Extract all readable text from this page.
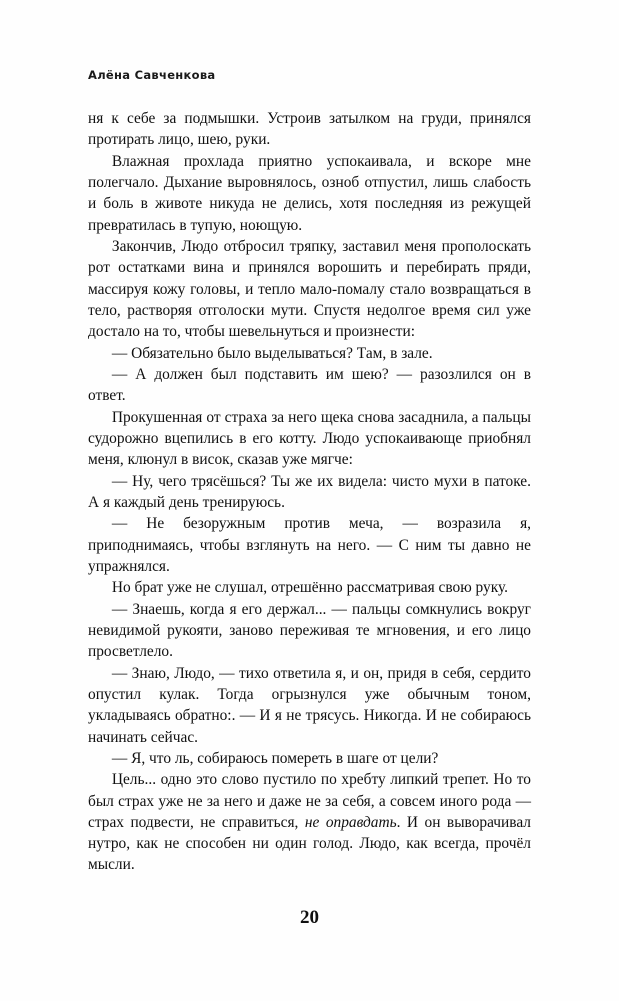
Алёна Савченкова

ня к себе за подмышки. Устроив затылком на груди, принялся протирать лицо, шею, руки.

Влажная прохлада приятно успокаивала, и вскоре мне полегчало. Дыхание выровнялось, озноб отпустил, лишь слабость и боль в животе никуда не делись, хотя последняя из режущей превратилась в тупую, ноющую.

Закончив, Людо отбросил тряпку, заставил меня прополоскать рот остатками вина и принялся ворошить и перебирать пряди, массируя кожу головы, и тепло мало-помалу стало возвращаться в тело, растворяя отголоски мути. Спустя недолгое время сил уже достало на то, чтобы шевельнуться и произнести:

— Обязательно было выделываться? Там, в зале.

— А должен был подставить им шею? — разозлился он в ответ.

Прокушенная от страха за него щека снова засаднила, а пальцы судорожно вцепились в его котту. Людо успокаивающе приобнял меня, клюнул в висок, сказав уже мягче:

— Ну, чего трясёшься? Ты же их видела: чисто мухи в патоке. А я каждый день тренируюсь.

— Не безоружным против меча, — возразила я, приподнимаясь, чтобы взглянуть на него. — С ним ты давно не упражнялся.

Но брат уже не слушал, отрешённо рассматривая свою руку.

— Знаешь, когда я его держал... — пальцы сомкнулись вокруг невидимой рукояти, заново переживая те мгновения, и его лицо просветлело.

— Знаю, Людо, — тихо ответила я, и он, придя в себя, сердито опустил кулак. Тогда огрызнулся уже обычным тоном, укладываясь обратно:. — И я не трясусь. Никогда. И не собираюсь начинать сейчас.

— Я, что ль, собираюсь помереть в шаге от цели?

Цель... одно это слово пустило по хребту липкий трепет. Но то был страх уже не за него и даже не за себя, а совсем иного рода — страх подвести, не справиться, не оправдать. И он выворачивал нутро, как не способен ни один голод. Людо, как всегда, прочёл мысли.

20
